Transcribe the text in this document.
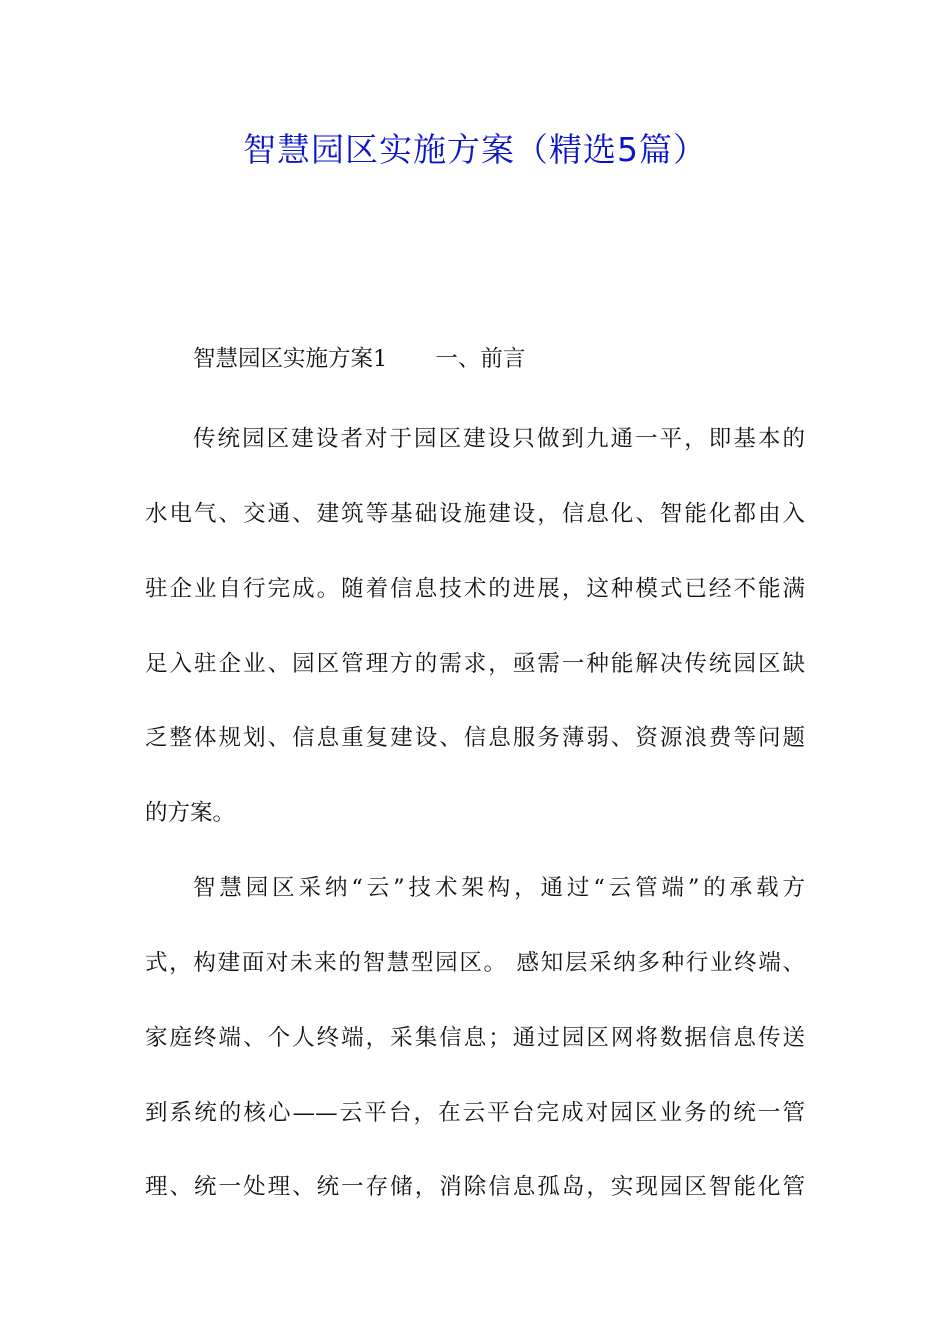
智慧园区实施方案（精选5篇）
智慧园区实施方案1 一、前言
传统园区建设者对于园区建设只做到九通一平，即基本的
水电气、交通、建筑等基础设施建设，信息化、智能化都由入
驻企业自行完成。随着信息技术的进展，这种模式已经不能满
足入驻企业、园区管理方的需求，亟需一种能解决传统园区缺
乏整体规划、信息重复建设、信息服务薄弱、资源浪费等问题
的方案。
智慧园区采纳“云”技术架构，通过“云管端”的承载方
式，构建面对未来的智慧型园区。 感知层采纳多种行业终端、
家庭终端、个人终端，采集信息；通过园区网将数据信息传送
到系统的核心——云平台，在云平台完成对园区业务的统一管
理、统一处理、统一存储，消除信息孤岛，实现园区智能化管
